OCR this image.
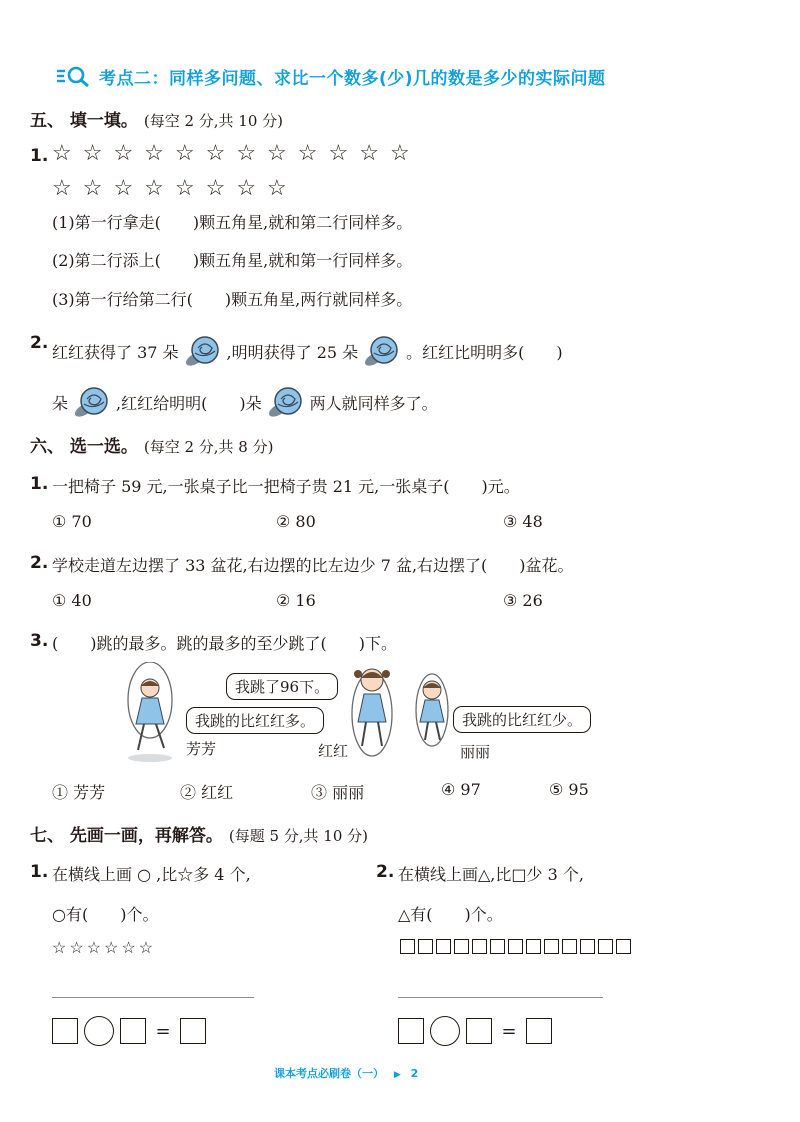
考点二：同样多问题、求比一个数多(少)几的数是多少的实际问题
五、 填一填。 (每空 2 分,共 10 分)
1. ☆☆☆☆☆☆☆☆☆☆☆☆
☆☆☆☆☆☆☆☆
(1)第一行拿走(　　)颗五角星,就和第二行同样多。
(2)第二行添上(　　)颗五角星,就和第一行同样多。
(3)第一行给第二行(　　)颗五角星,两行就同样多。
2. 红红获得了 37 朵	,明明获得了 25 朵	。红红比明明多(　　)
朵	,红红给明明(　　)朵	两人就同样多了。
六、 选一选。 (每空 2 分,共 8 分)
1. 一把椅子 59 元,一张桌子比一把椅子贵 21 元,一张桌子(　　)元。
① 70	② 80	③ 48
2. 学校走道左边摆了 33 盆花,右边摆的比左边少 7 盆,右边摆了(　　)盆花。
① 40	② 16	③ 26
3. (　　)跳的最多。跳的最多的至少跳了(　　)下。
我跳了96下。
我跳的比红红多。	我跳的比红红少。
芳芳	红红	丽丽
① 芳芳	② 红红	③ 丽丽	④ 97	⑤ 95
七、 先画一画，再解答。 (每题 5 分,共 10 分)
1. 在横线上画 ○ ,比☆多 4 个,
○有(　　)个。
☆☆☆☆☆☆
=
2. 在横线上画△,比□少 3 个,
△有(　　)个。
=
课本考点必刷卷（一） ▶ 2
